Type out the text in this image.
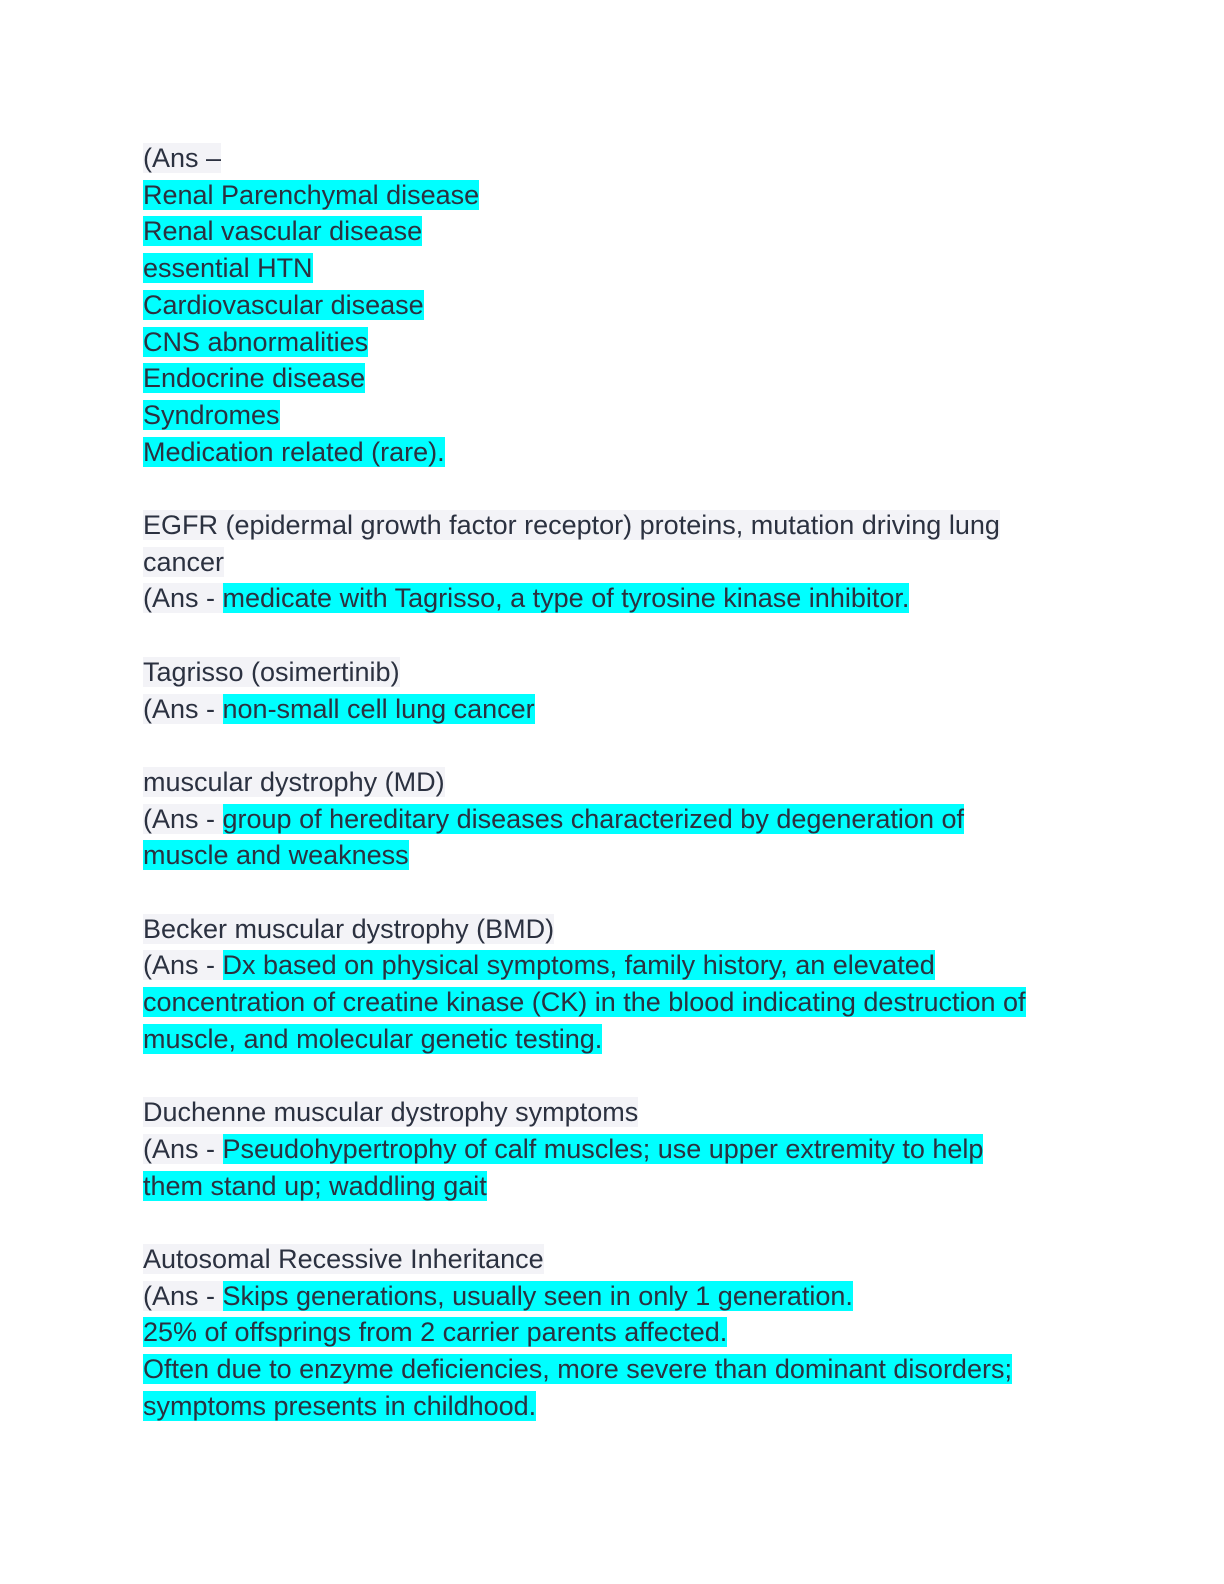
(Ans –
Renal Parenchymal disease
Renal vascular disease
essential HTN
Cardiovascular disease
CNS abnormalities
Endocrine disease
Syndromes
Medication related (rare).
EGFR (epidermal growth factor receptor) proteins, mutation driving lung
cancer
(Ans - medicate with Tagrisso, a type of tyrosine kinase inhibitor.
Tagrisso (osimertinib)
(Ans - non-small cell lung cancer
muscular dystrophy (MD)
(Ans - group of hereditary diseases characterized by degeneration of
muscle and weakness
Becker muscular dystrophy (BMD)
(Ans - Dx based on physical symptoms, family history, an elevated
concentration of creatine kinase (CK) in the blood indicating destruction of
muscle, and molecular genetic testing.
Duchenne muscular dystrophy symptoms
(Ans - Pseudohypertrophy of calf muscles; use upper extremity to help
them stand up; waddling gait
Autosomal Recessive Inheritance
(Ans - Skips generations, usually seen in only 1 generation.
25% of offsprings from 2 carrier parents affected.
Often due to enzyme deficiencies, more severe than dominant disorders;
symptoms presents in childhood.
